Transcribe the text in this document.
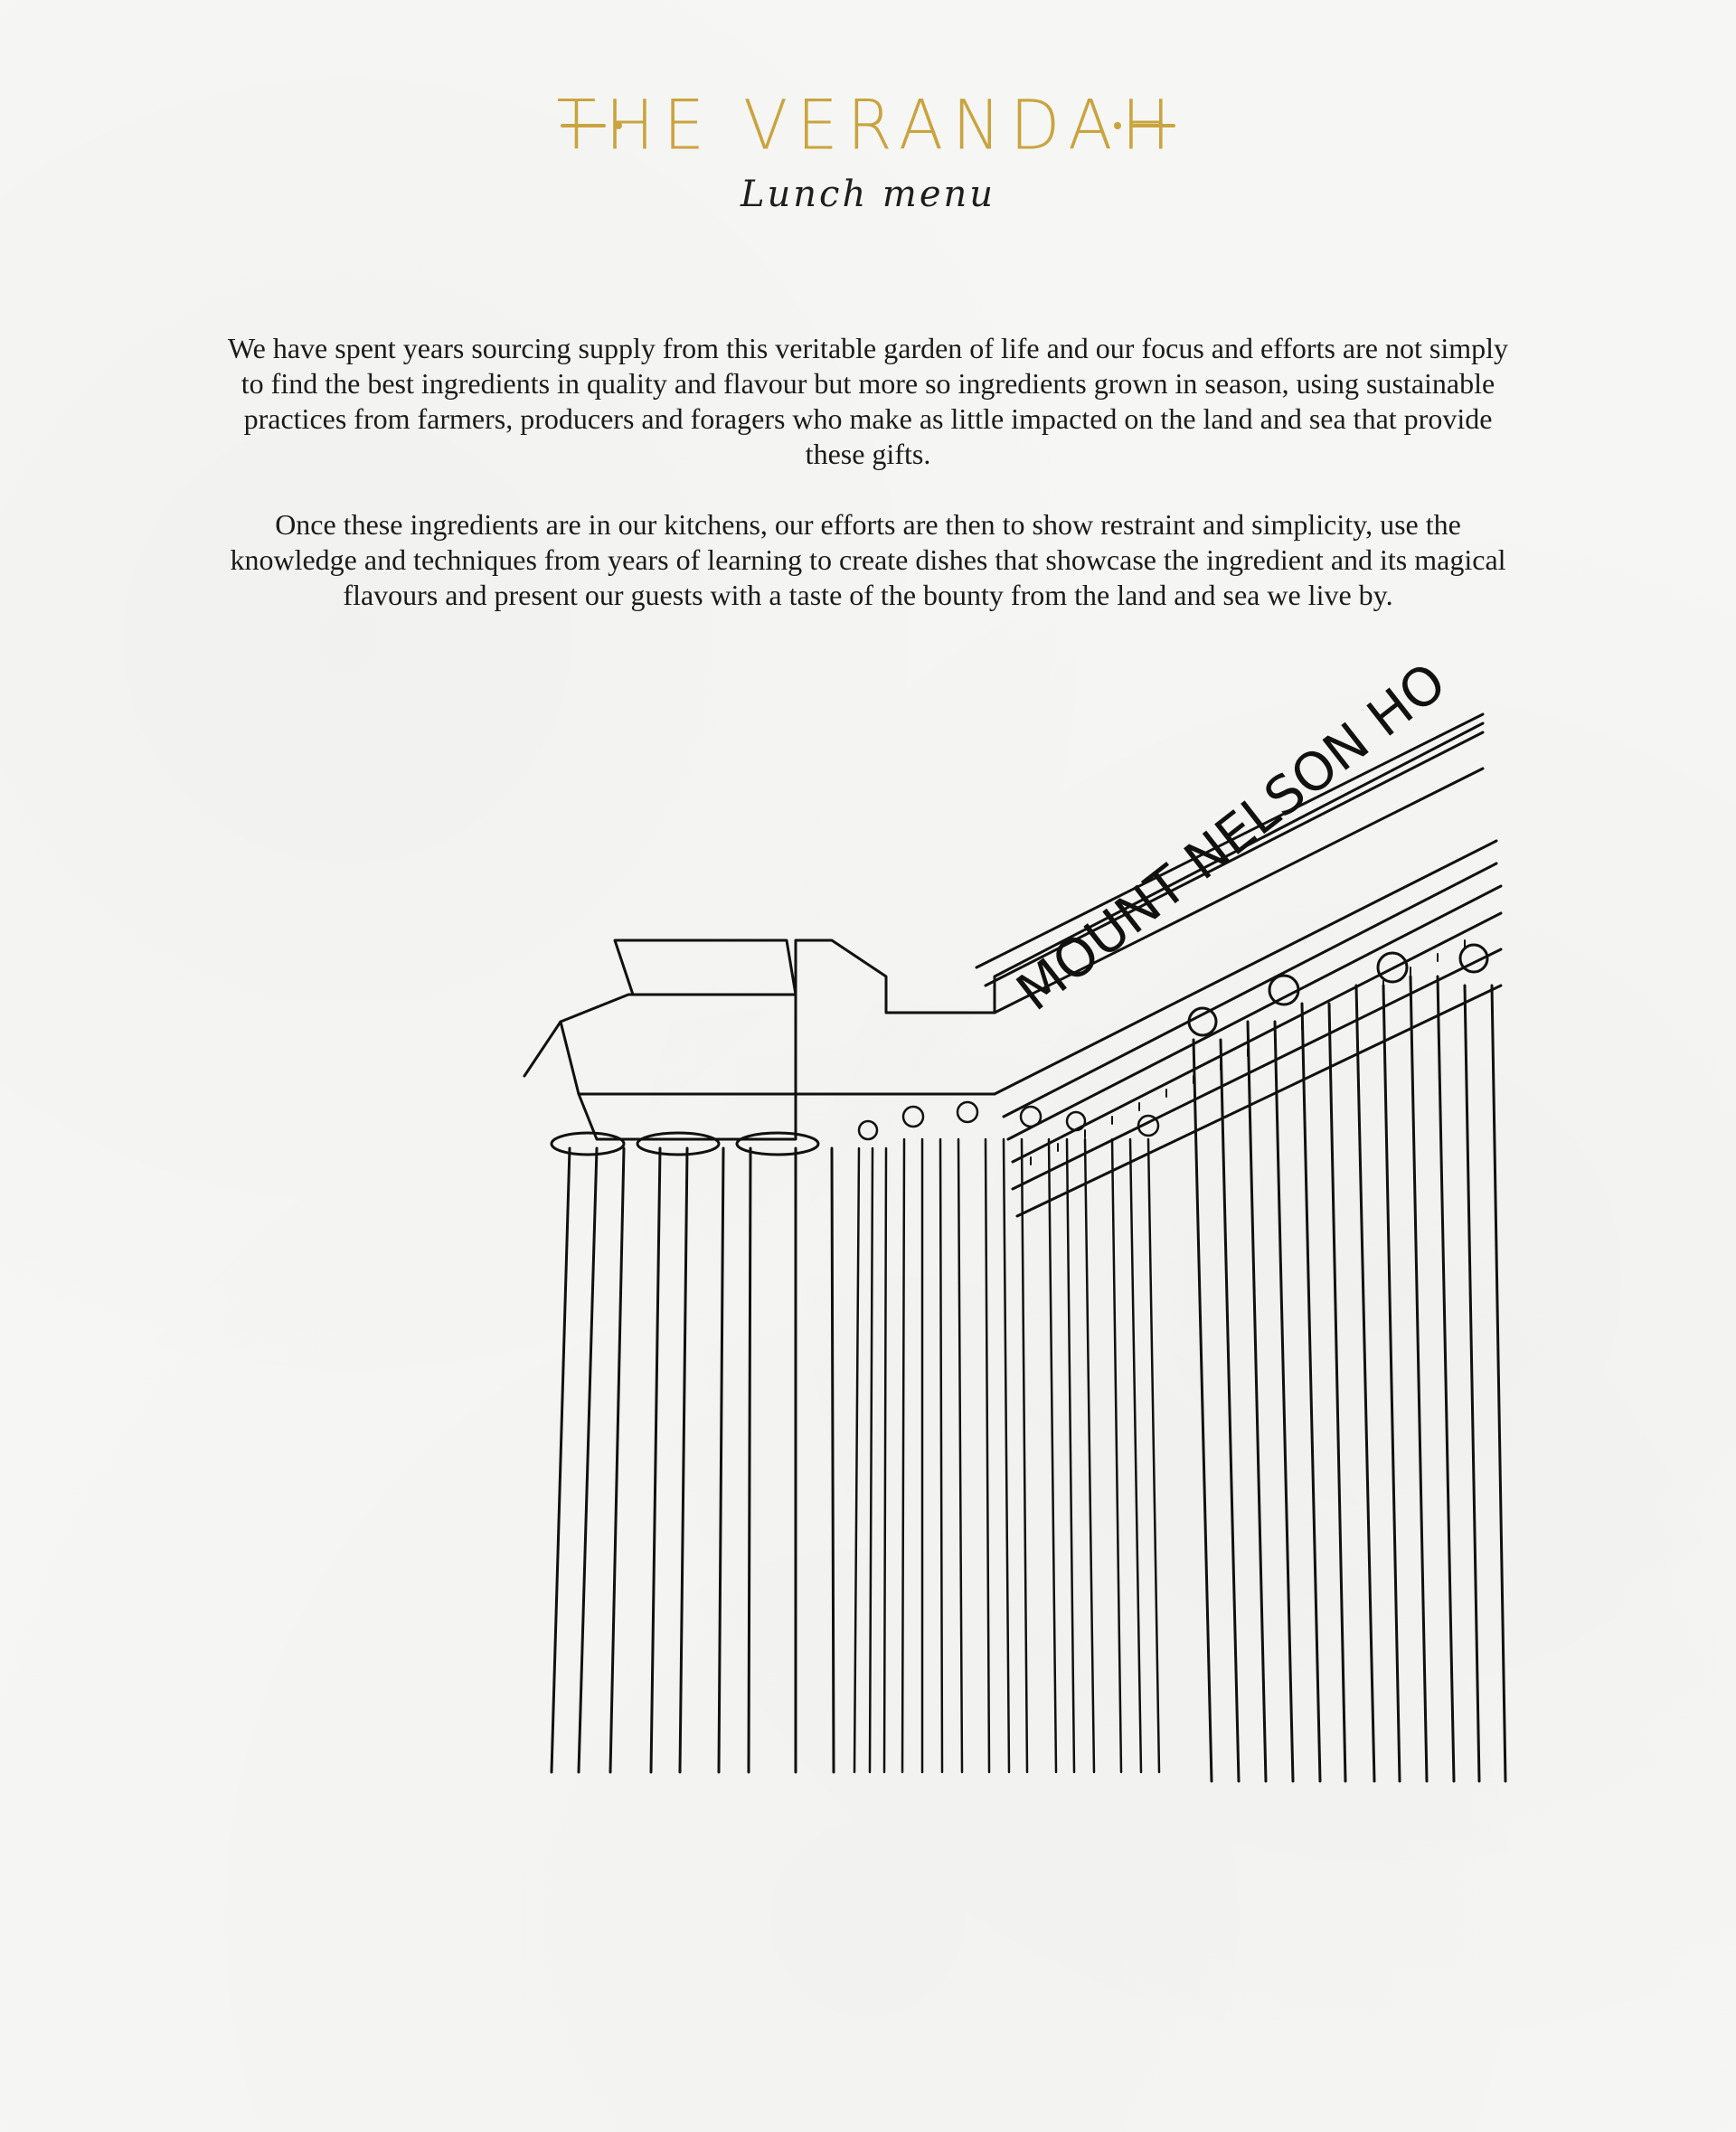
THE VERANDAH
Lunch menu

We have spent years sourcing supply from this veritable garden of life and our focus and efforts are not simply to find the best ingredients in quality and flavour but more so ingredients grown in season, using sustainable practices from farmers, producers and foragers who make as little impacted on the land and sea that provide these gifts.

Once these ingredients are in our kitchens, our efforts are then to show restraint and simplicity, use the knowledge and techniques from years of learning to create dishes that showcase the ingredient and its magical flavours and present our guests with a taste of the bounty from the land and sea we live by.

MOUNT NELSON HO
